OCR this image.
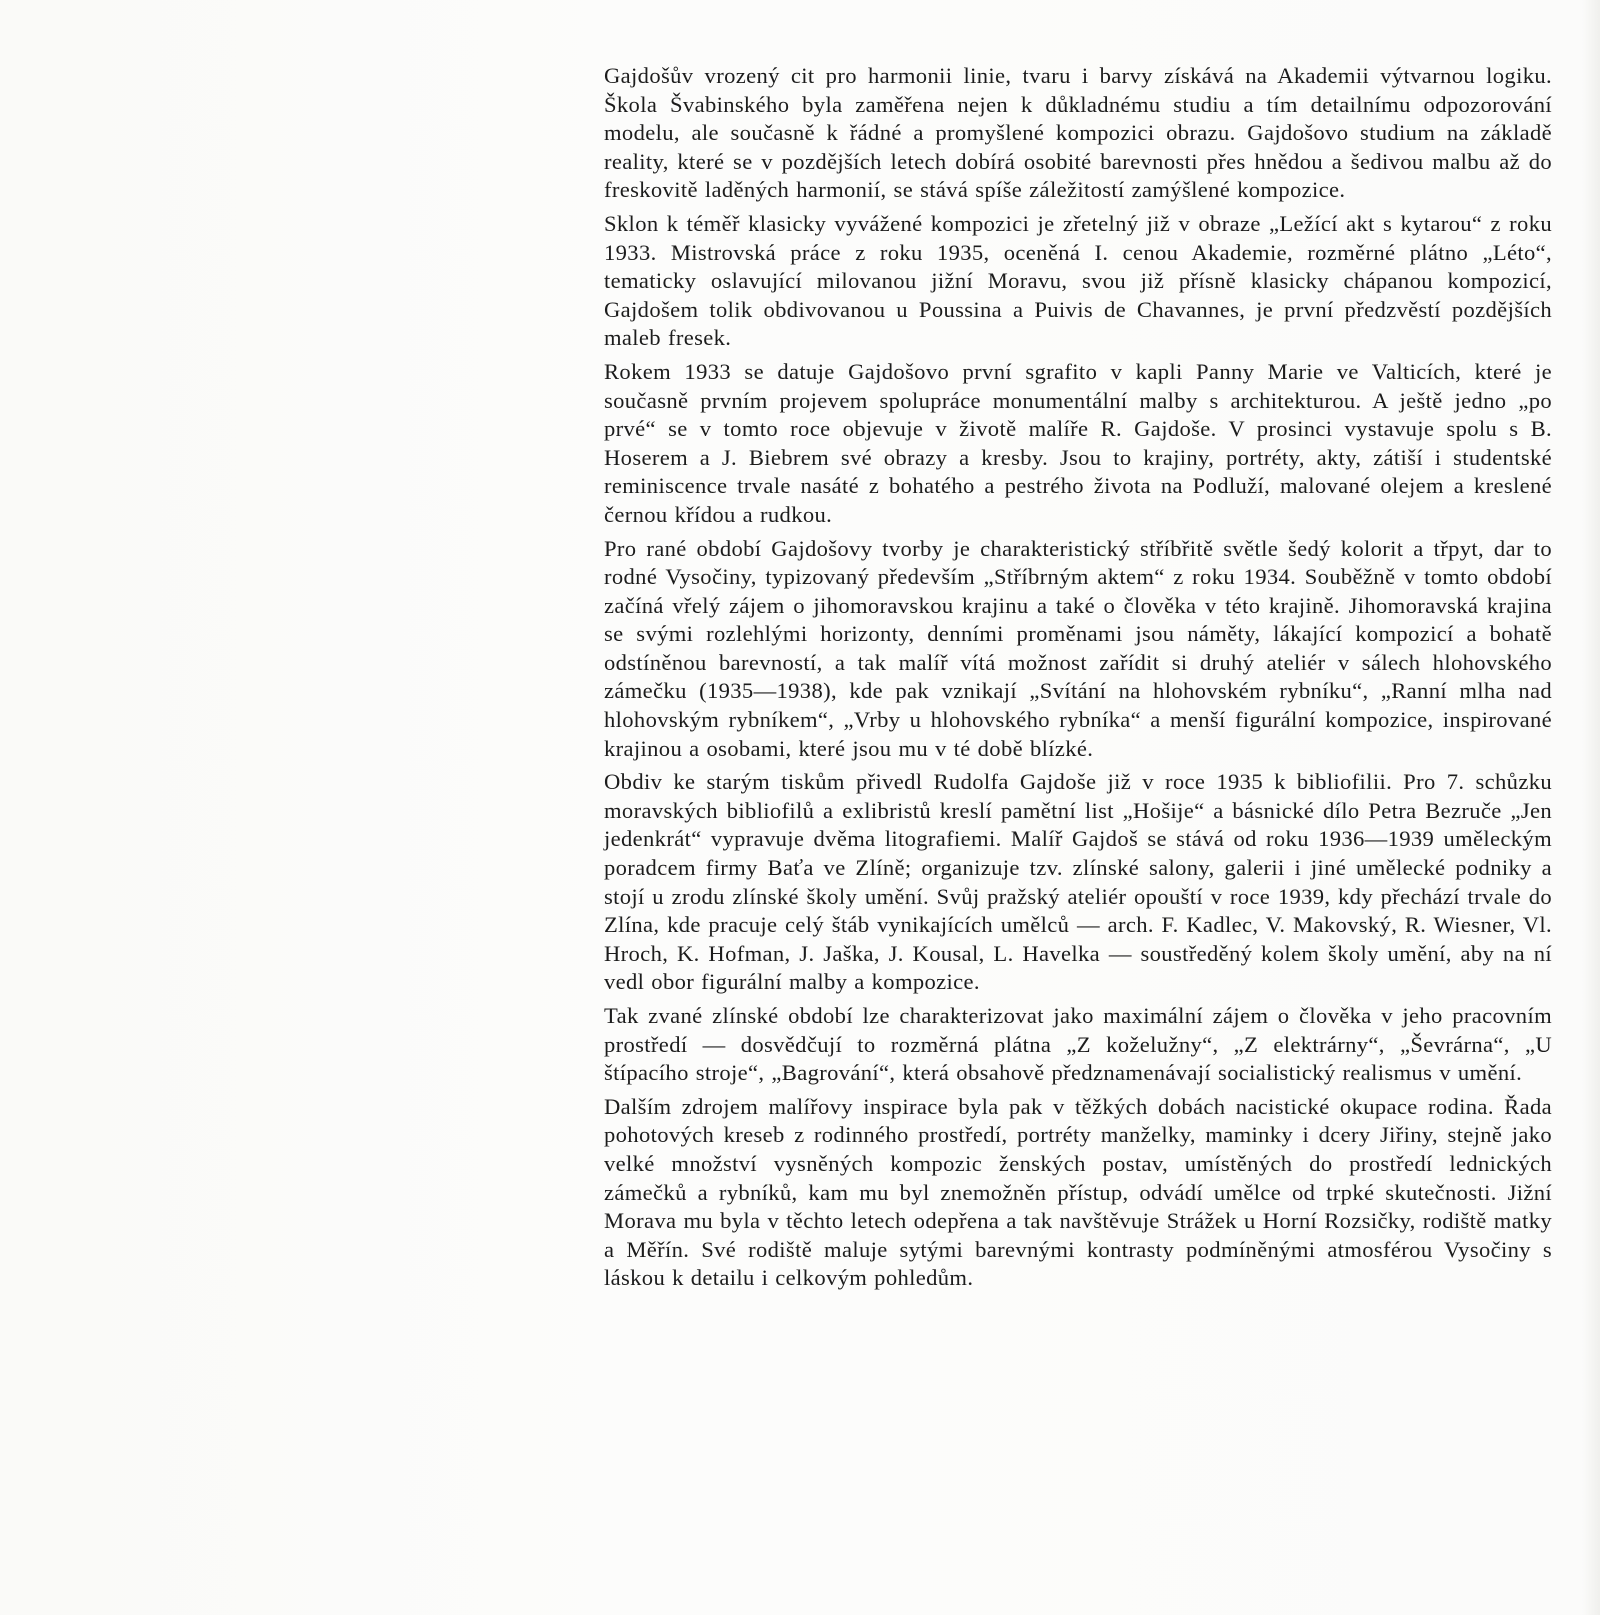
Gajdošův vrozený cit pro harmonii linie, tvaru i barvy získává na Akademii výtvarnou logiku. Škola Švabinského byla zaměřena nejen k důkladnému studiu a tím detailnímu odpozorování modelu, ale současně k řádné a promyšlené kompozici obrazu. Gajdošovo studium na základě reality, které se v pozdějších letech dobírá osobité barevnosti přes hnědou a šedivou malbu až do freskovitě laděných harmonií, se stává spíše záležitostí zamýšlené kompozice.

Sklon k téměř klasicky vyvážené kompozici je zřetelný již v obraze „Ležící akt s kytarou“ z roku 1933. Mistrovská práce z roku 1935, oceněná I. cenou Akademie, rozměrné plátno „Léto“, tematicky oslavující milovanou jižní Moravu, svou již přísně klasicky chápanou kompozicí, Gajdošem tolik obdivovanou u Poussina a Puivis de Chavannes, je první předzvěstí pozdějších maleb fresek.

Rokem 1933 se datuje Gajdošovo první sgrafito v kapli Panny Marie ve Valticích, které je současně prvním projevem spolupráce monumentální malby s architekturou. A ještě jedno „po prvé“ se v tomto roce objevuje v životě malíře R. Gajdoše. V prosinci vystavuje spolu s B. Hoserem a J. Biebrem své obrazy a kresby. Jsou to krajiny, portréty, akty, zátiší i studentské reminiscence trvale nasáté z bohatého a pestrého života na Podluží, malované olejem a kreslené černou křídou a rudkou.

Pro rané období Gajdošovy tvorby je charakteristický stříbřitě světle šedý kolorit a třpyt, dar to rodné Vysočiny, typizovaný především „Stříbrným aktem“ z roku 1934. Souběžně v tomto období začíná vřelý zájem o jihomoravskou krajinu a také o člověka v této krajině. Jihomoravská krajina se svými rozlehlými horizonty, denními proměnami jsou náměty, lákající kompozicí a bohatě odstíněnou barevností, a tak malíř vítá možnost zařídit si druhý ateliér v sálech hlohovského zámečku (1935—1938), kde pak vznikají „Svítání na hlohovském rybníku“, „Ranní mlha nad hlohovským rybníkem“, „Vrby u hlohovského rybníka“ a menší figurální kompozice, inspirované krajinou a osobami, které jsou mu v té době blízké.

Obdiv ke starým tiskům přivedl Rudolfa Gajdoše již v roce 1935 k bibliofilii. Pro 7. schůzku moravských bibliofilů a exlibristů kreslí pamětní list „Hošije“ a básnické dílo Petra Bezruče „Jen jedenkrát“ vypravuje dvěma litografiemi. Malíř Gajdoš se stává od roku 1936—1939 uměleckým poradcem firmy Baťa ve Zlíně; organizuje tzv. zlínské salony, galerii i jiné umělecké podniky a stojí u zrodu zlínské školy umění. Svůj pražský ateliér opouští v roce 1939, kdy přechází trvale do Zlína, kde pracuje celý štáb vynikajících umělců — arch. F. Kadlec, V. Makovský, R. Wiesner, Vl. Hroch, K. Hofman, J. Jaška, J. Kousal, L. Havelka — soustředěný kolem školy umění, aby na ní vedl obor figurální malby a kompozice.

Tak zvané zlínské období lze charakterizovat jako maximální zájem o člověka v jeho pracovním prostředí — dosvědčují to rozměrná plátna „Z koželužny“, „Z elektrárny“, „Ševrárna“, „U štípacího stroje“, „Bagrování“, která obsahově předznamenávají socialistický realismus v umění.

Dalším zdrojem malířovy inspirace byla pak v těžkých dobách nacistické okupace rodina. Řada pohotových kreseb z rodinného prostředí, portréty manželky, maminky i dcery Jiřiny, stejně jako velké množství vysněných kompozic ženských postav, umístěných do prostředí lednických zámečků a rybníků, kam mu byl znemožněn přístup, odvádí umělce od trpké skutečnosti. Jižní Morava mu byla v těchto letech odepřena a tak navštěvuje Strážek u Horní Rozsičky, rodiště matky a Měřín. Své rodiště maluje sytými barevnými kontrasty podmíněnými atmosférou Vysočiny s láskou k detailu i celkovým pohledům.
